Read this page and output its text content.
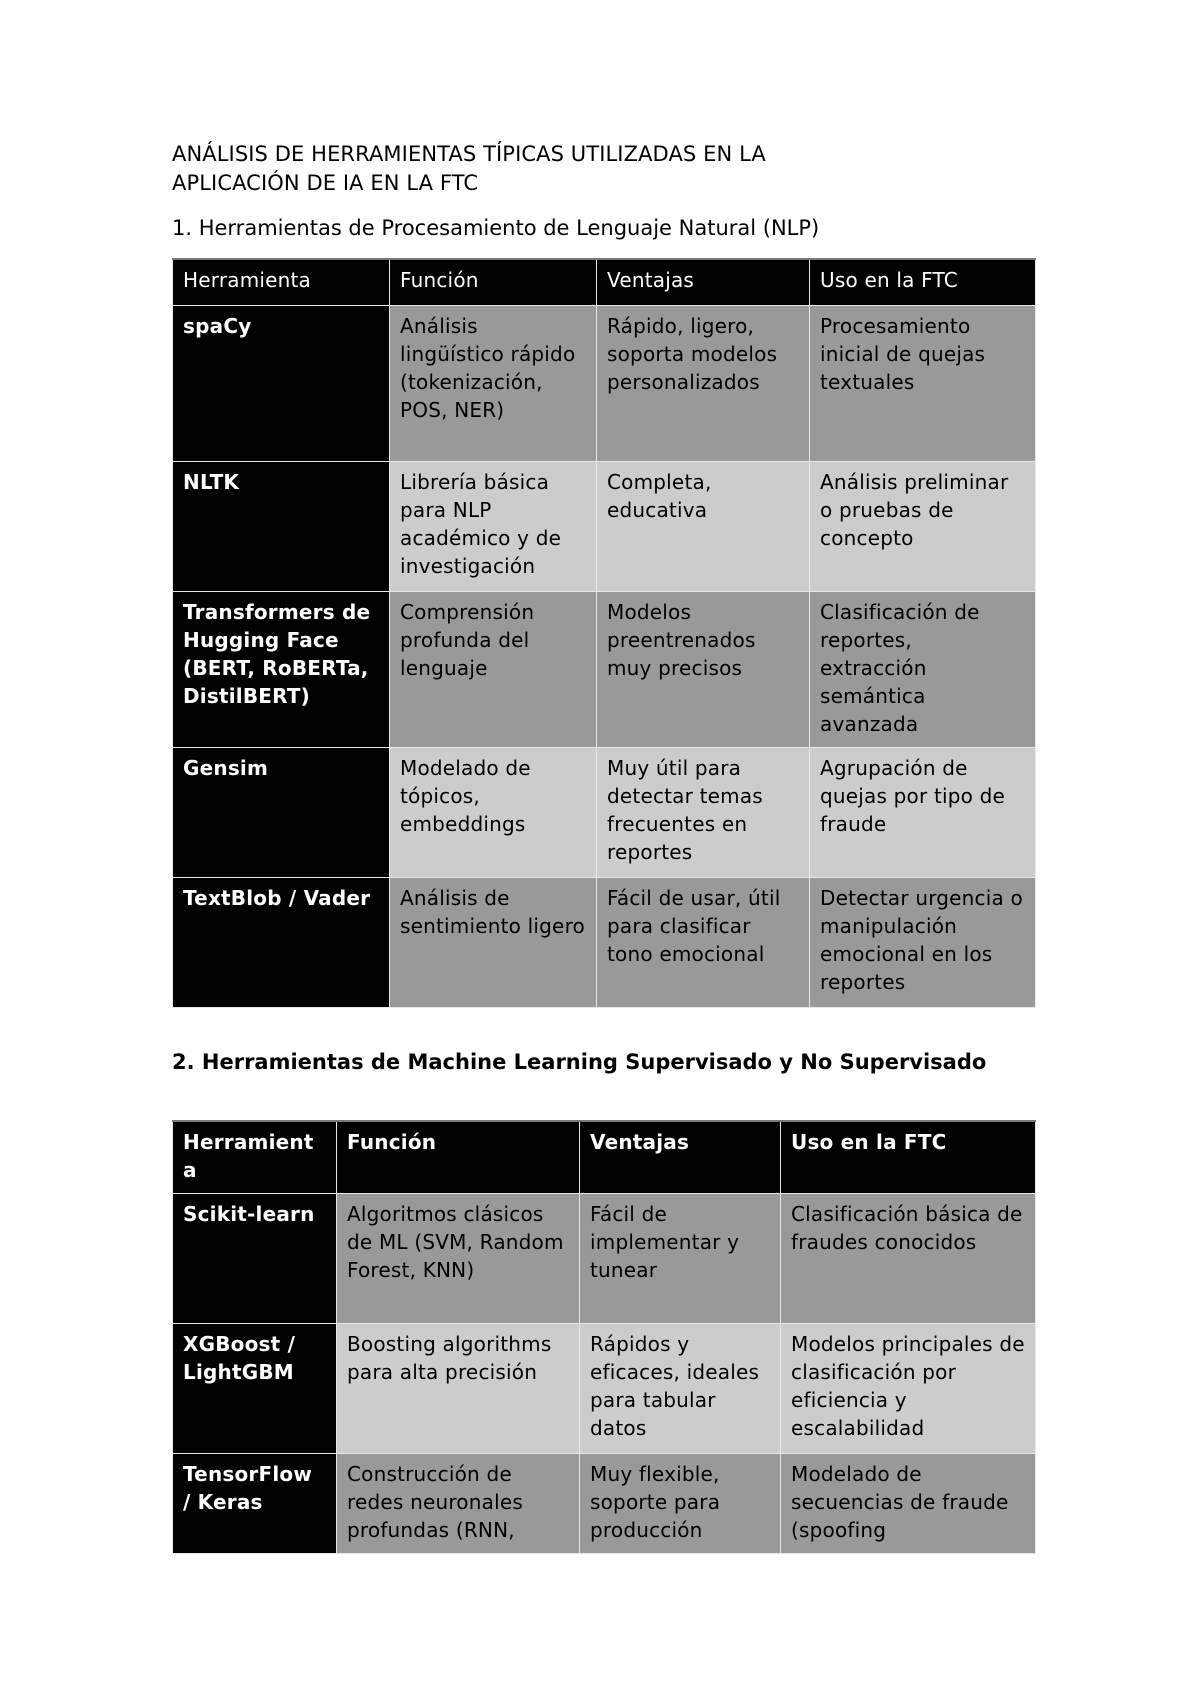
ANÁLISIS DE HERRAMIENTAS TÍPICAS UTILIZADAS EN LA
APLICACIÓN DE IA EN LA FTC
1. Herramientas de Procesamiento de Lenguaje Natural (NLP)
Herramienta	Función	Ventajas	Uso en la FTC
spaCy	Análisis lingüístico rápido (tokenización, POS, NER)	Rápido, ligero, soporta modelos personalizados	Procesamiento inicial de quejas textuales
NLTK	Librería básica para NLP académico y de investigación	Completa, educativa	Análisis preliminar o pruebas de concepto
Transformers de Hugging Face (BERT, RoBERTa, DistilBERT)	Comprensión profunda del lenguaje	Modelos preentrenados muy precisos	Clasificación de reportes, extracción semántica avanzada
Gensim	Modelado de tópicos, embeddings	Muy útil para detectar temas frecuentes en reportes	Agrupación de quejas por tipo de fraude
TextBlob / Vader	Análisis de sentimiento ligero	Fácil de usar, útil para clasificar tono emocional	Detectar urgencia o manipulación emocional en los reportes
2. Herramientas de Machine Learning Supervisado y No Supervisado
Herramienta	Función	Ventajas	Uso en la FTC
Scikit-learn	Algoritmos clásicos de ML (SVM, Random Forest, KNN)	Fácil de implementar y tunear	Clasificación básica de fraudes conocidos
XGBoost / LightGBM	Boosting algorithms para alta precisión	Rápidos y eficaces, ideales para tabular datos	Modelos principales de clasificación por eficiencia y escalabilidad
TensorFlow / Keras	Construcción de redes neuronales profundas (RNN,	Muy flexible, soporte para producción	Modelado de secuencias de fraude (spoofing
